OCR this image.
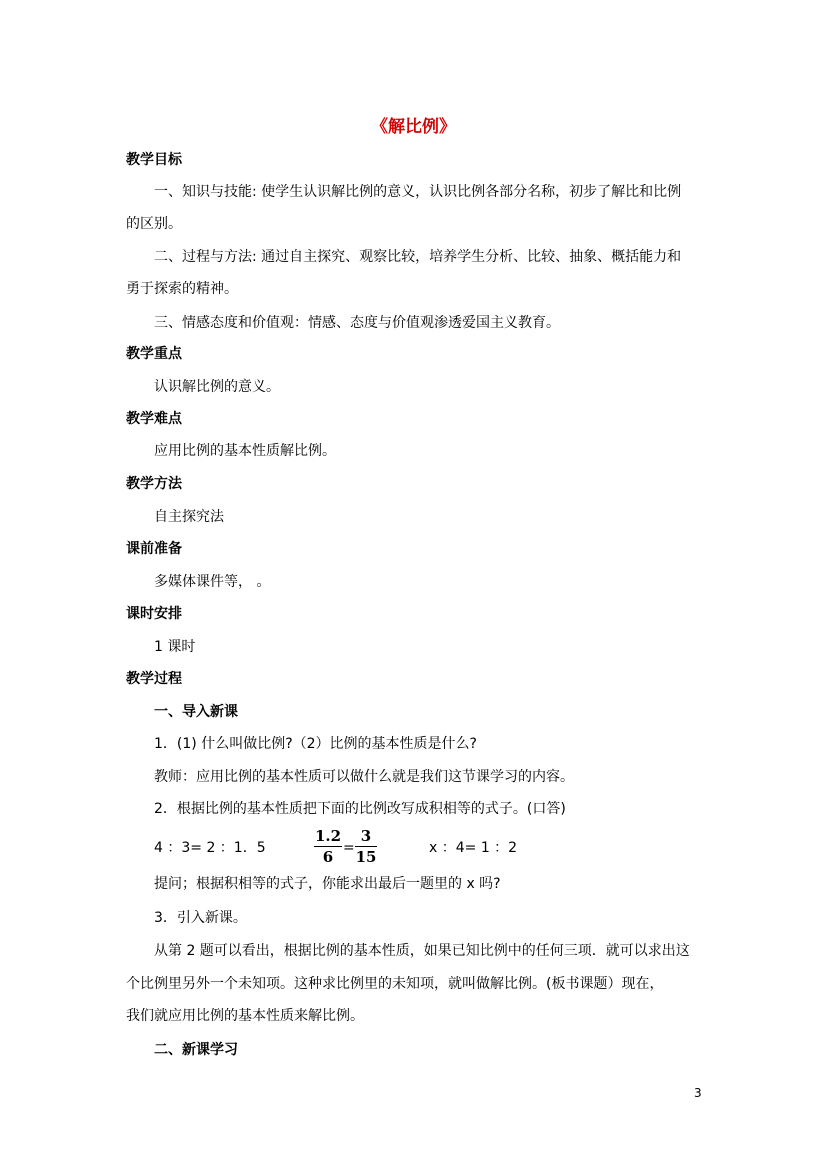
《解比例》
教学目标
一、知识与技能: 使学生认识解比例的意义，认识比例各部分名称，初步了解比和比例
的区别。
二、过程与方法: 通过自主探究、观察比较，培养学生分析、比较、抽象、概括能力和
勇于探索的精神。
三、情感态度和价值观：情感、态度与价值观渗透爱国主义教育。
教学重点
认识解比例的意义。
教学难点
应用比例的基本性质解比例。
教学方法
自主探究法
课前准备
多媒体课件等， 。
课时安排
1 课时
教学过程
一、导入新课
1．(1) 什么叫做比例?（2）比例的基本性质是什么?
教师：应用比例的基本性质可以做什么就是我们这节课学习的内容。
2．根据比例的基本性质把下面的比例改写成积相等的式子。(口答)
4 ：3= 2 ：1．5
1.2
6 =
3
15	x ：4= 1 ：2
提问；根据积相等的式子，你能求出最后一题里的 x 吗?
3．引入新课。
从第 2 题可以看出，根据比例的基本性质，如果已知比例中的任何三项．就可以求出这
个比例里另外一个未知项。这种求比例里的未知项，就叫做解比例。(板书课题）现在，
我们就应用比例的基本性质来解比例。
二、新课学习
3
